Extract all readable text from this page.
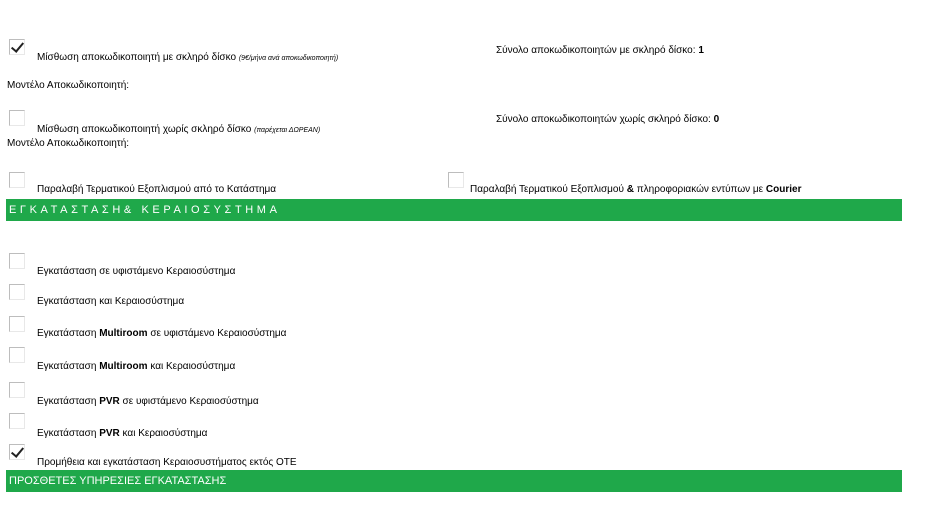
Μίσθωση αποκωδικοποιητή με σκληρό δίσκο (9€/μήνα ανά αποκωδικοποιητή)
Σύνολο αποκωδικοποιητών με σκληρό δίσκο: 1
Μοντέλο Αποκωδικοποιητή:
Μίσθωση αποκωδικοποιητή χωρίς σκληρό δίσκο (παρέχεται ΔΩΡΕΑΝ)
Σύνολο αποκωδικοποιητών χωρίς σκληρό δίσκο: 0
Μοντέλο Αποκωδικοποιητή:
Παραλαβή Τερματικού Εξοπλισμού από το Κατάστημα	Παραλαβή Τερματικού Εξοπλισμού & πληροφοριακών εντύπων με Courier
ΕΓΚΑΤΑΣΤΑΣΗ& ΚΕΡΑΙΟΣΥΣΤΗΜΑ
Εγκατάσταση σε υφιστάμενο Κεραιοσύστημα
Εγκατάσταση και Κεραιοσύστημα
Εγκατάσταση Multiroom σε υφιστάμενο Κεραιοσύστημα
Εγκατάσταση Multiroom και Κεραιοσύστημα
Εγκατάσταση PVR σε υφιστάμενο Κεραιοσύστημα
Εγκατάσταση PVR και Κεραιοσύστημα
Προμήθεια και εγκατάσταση Κεραιοσυστήματος εκτός ΟΤΕ
ΠΡΟΣΘΕΤΕΣ ΥΠΗΡΕΣΙΕΣ ΕΓΚΑΤΑΣΤΑΣΗΣ
